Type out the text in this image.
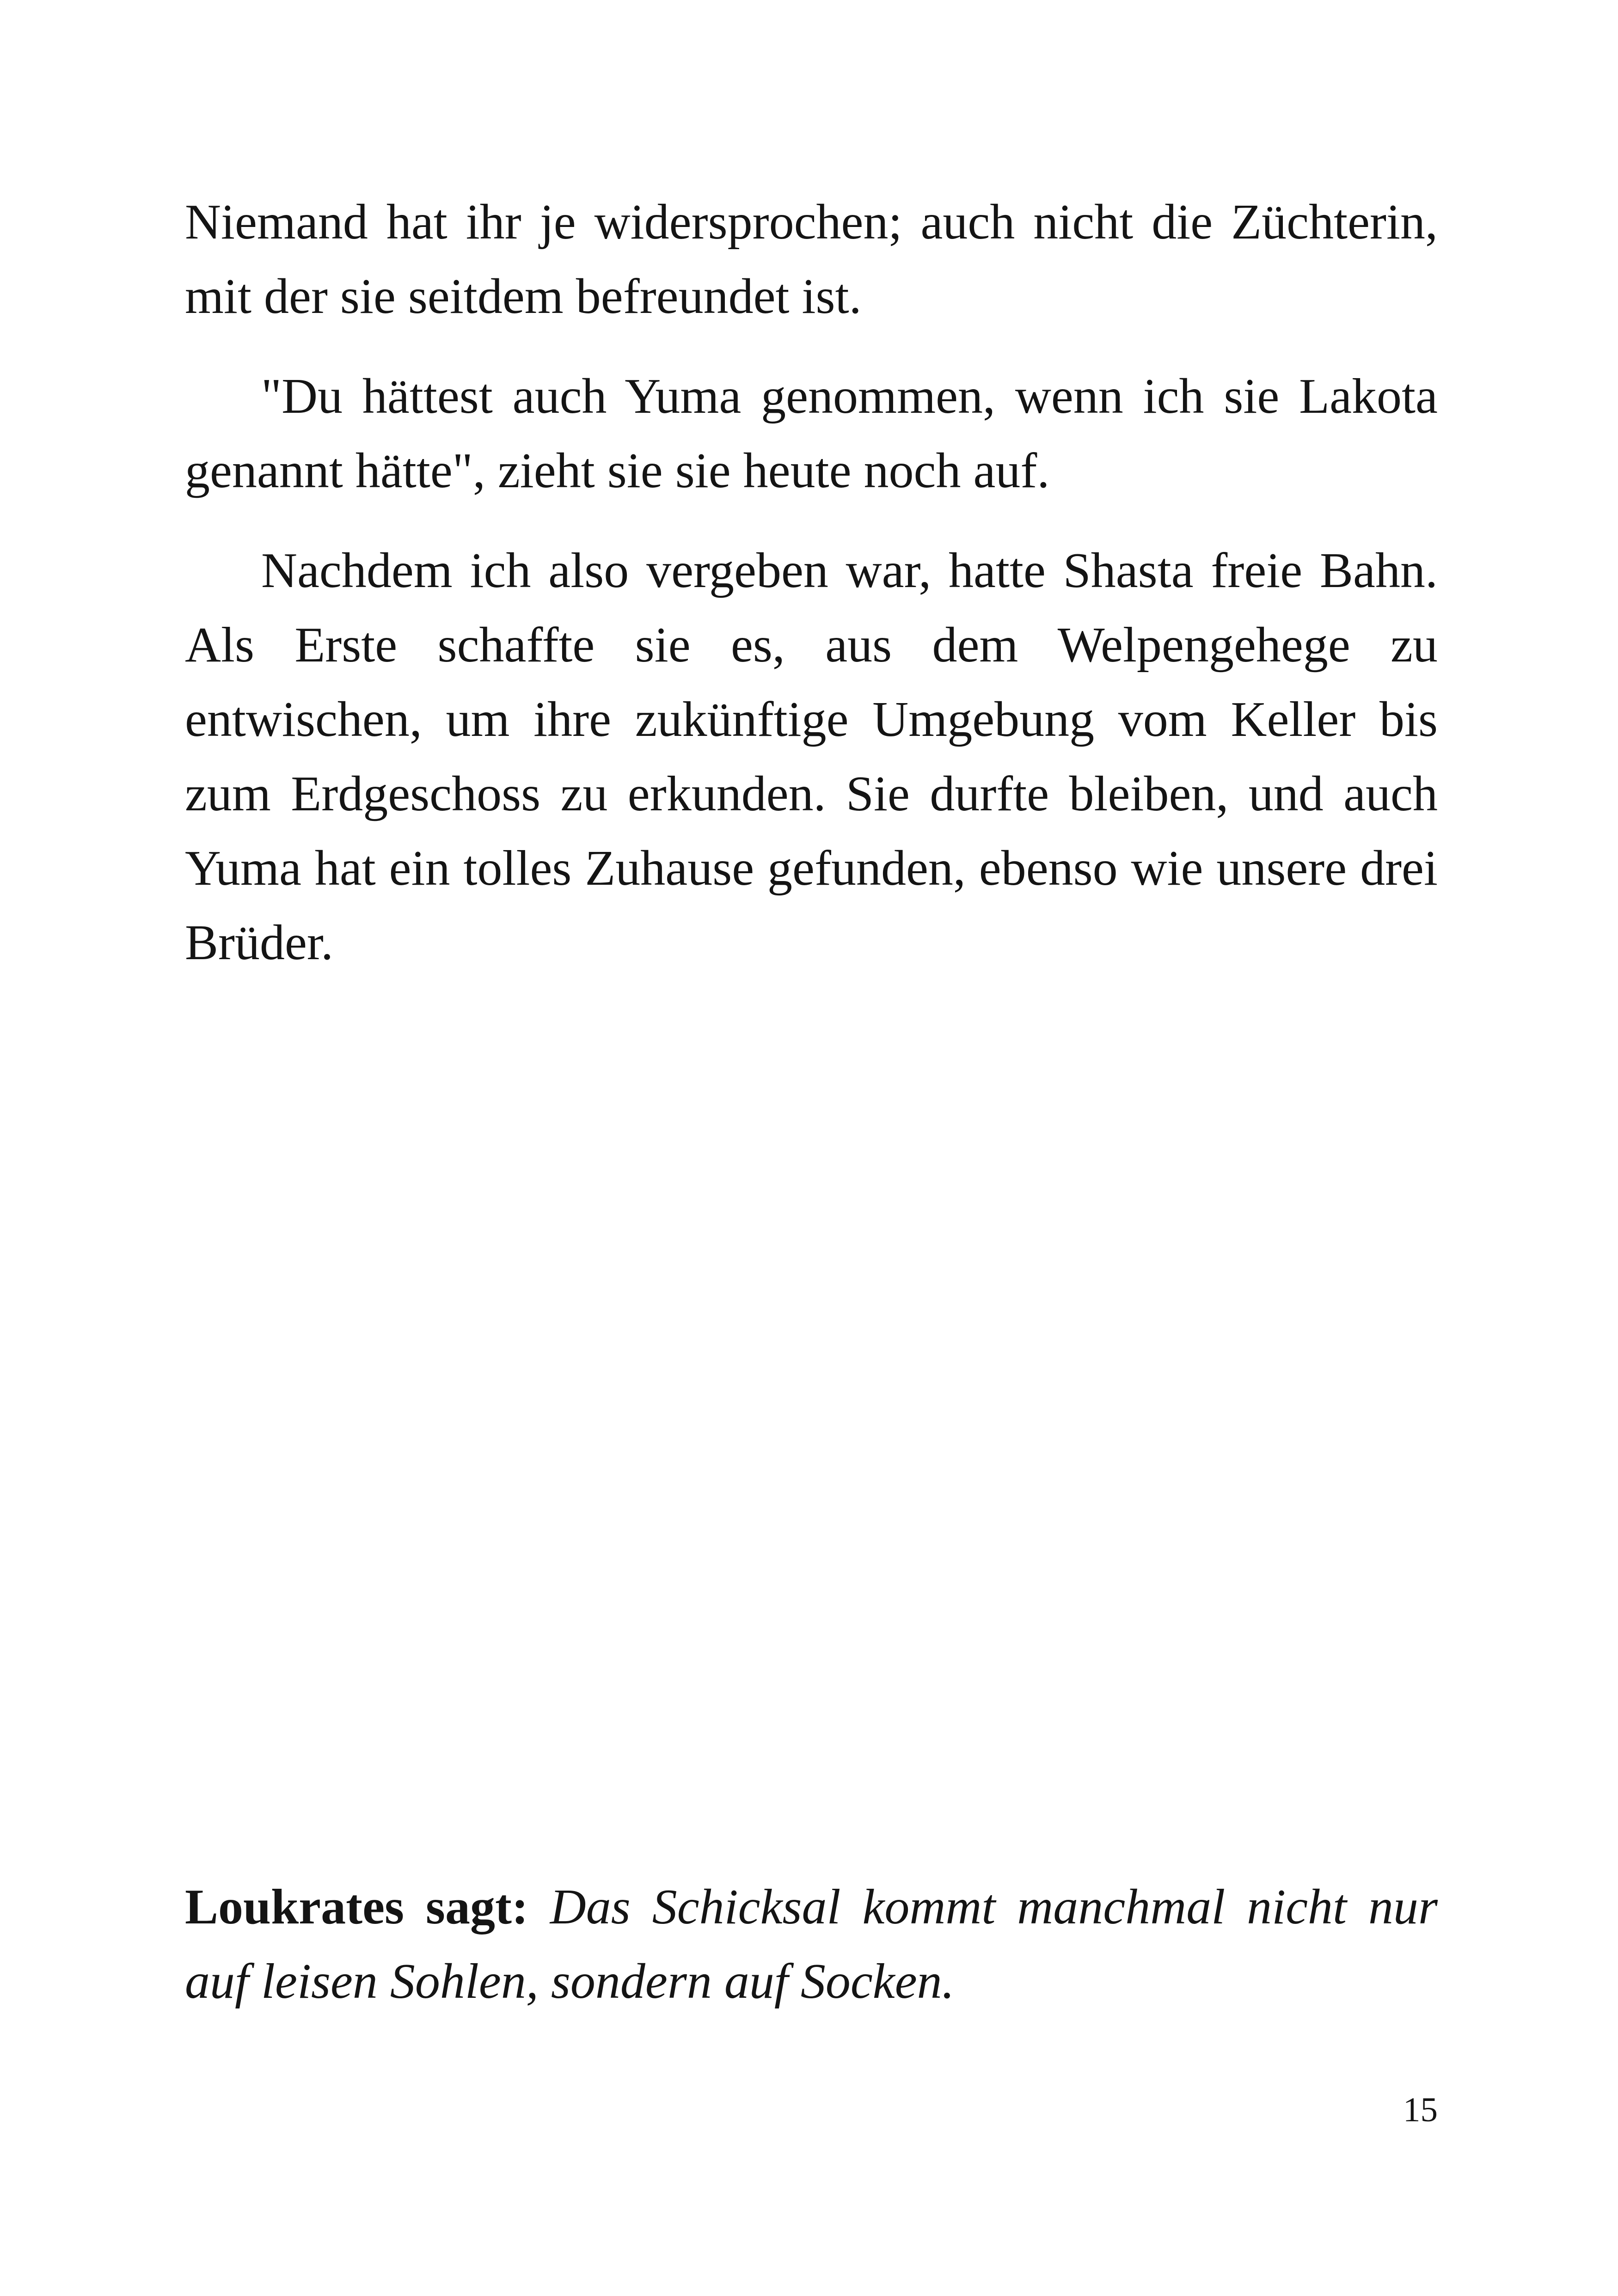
Niemand hat ihr je widersprochen; auch nicht die Züchterin, mit der sie seitdem befreundet ist.

"Du hättest auch Yuma genommen, wenn ich sie Lakota genannt hätte", zieht sie sie heute noch auf.

Nachdem ich also vergeben war, hatte Shasta freie Bahn. Als Erste schaffte sie es, aus dem Welpengehege zu entwischen, um ihre zukünftige Umgebung vom Keller bis zum Erdgeschoss zu erkunden. Sie durfte bleiben, und auch Yuma hat ein tolles Zuhause gefunden, ebenso wie unsere drei Brüder.

Loukrates sagt: Das Schicksal kommt manchmal nicht nur auf leisen Sohlen, sondern auf Socken.

15
